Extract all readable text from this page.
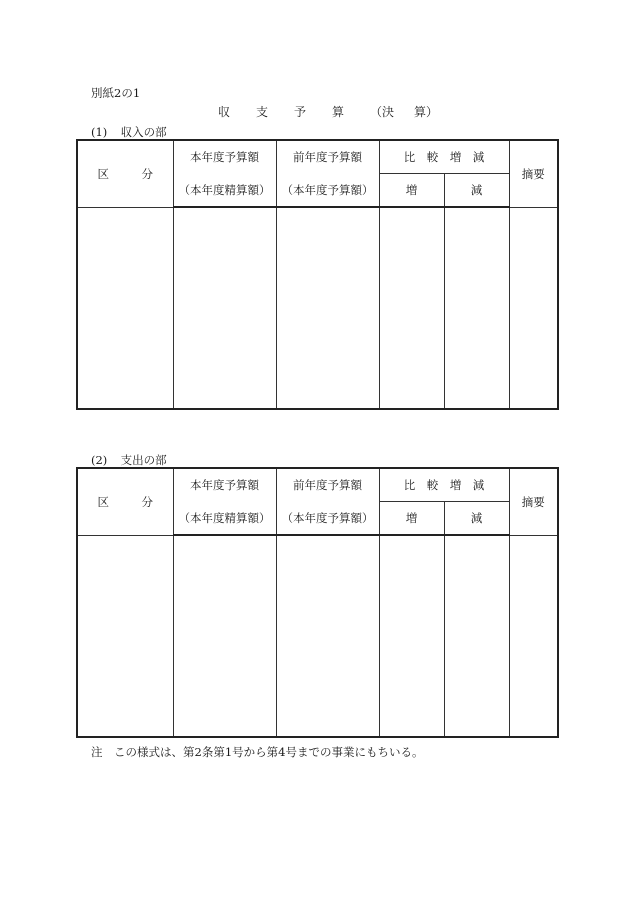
別紙2の1
収 支 予 算 （決 算）
(1) 収入の部
区 分	本年度予算額	前年度予算額	比　較　増　減		摘要
	（本年度精算額）	（本年度予算額）	増	減	

(2) 支出の部
区 分	本年度予算額	前年度予算額	比　較　増　減		摘要
	（本年度精算額）	（本年度予算額）	増	減	

注　この様式は、第2条第1号から第4号までの事業にもちいる。
